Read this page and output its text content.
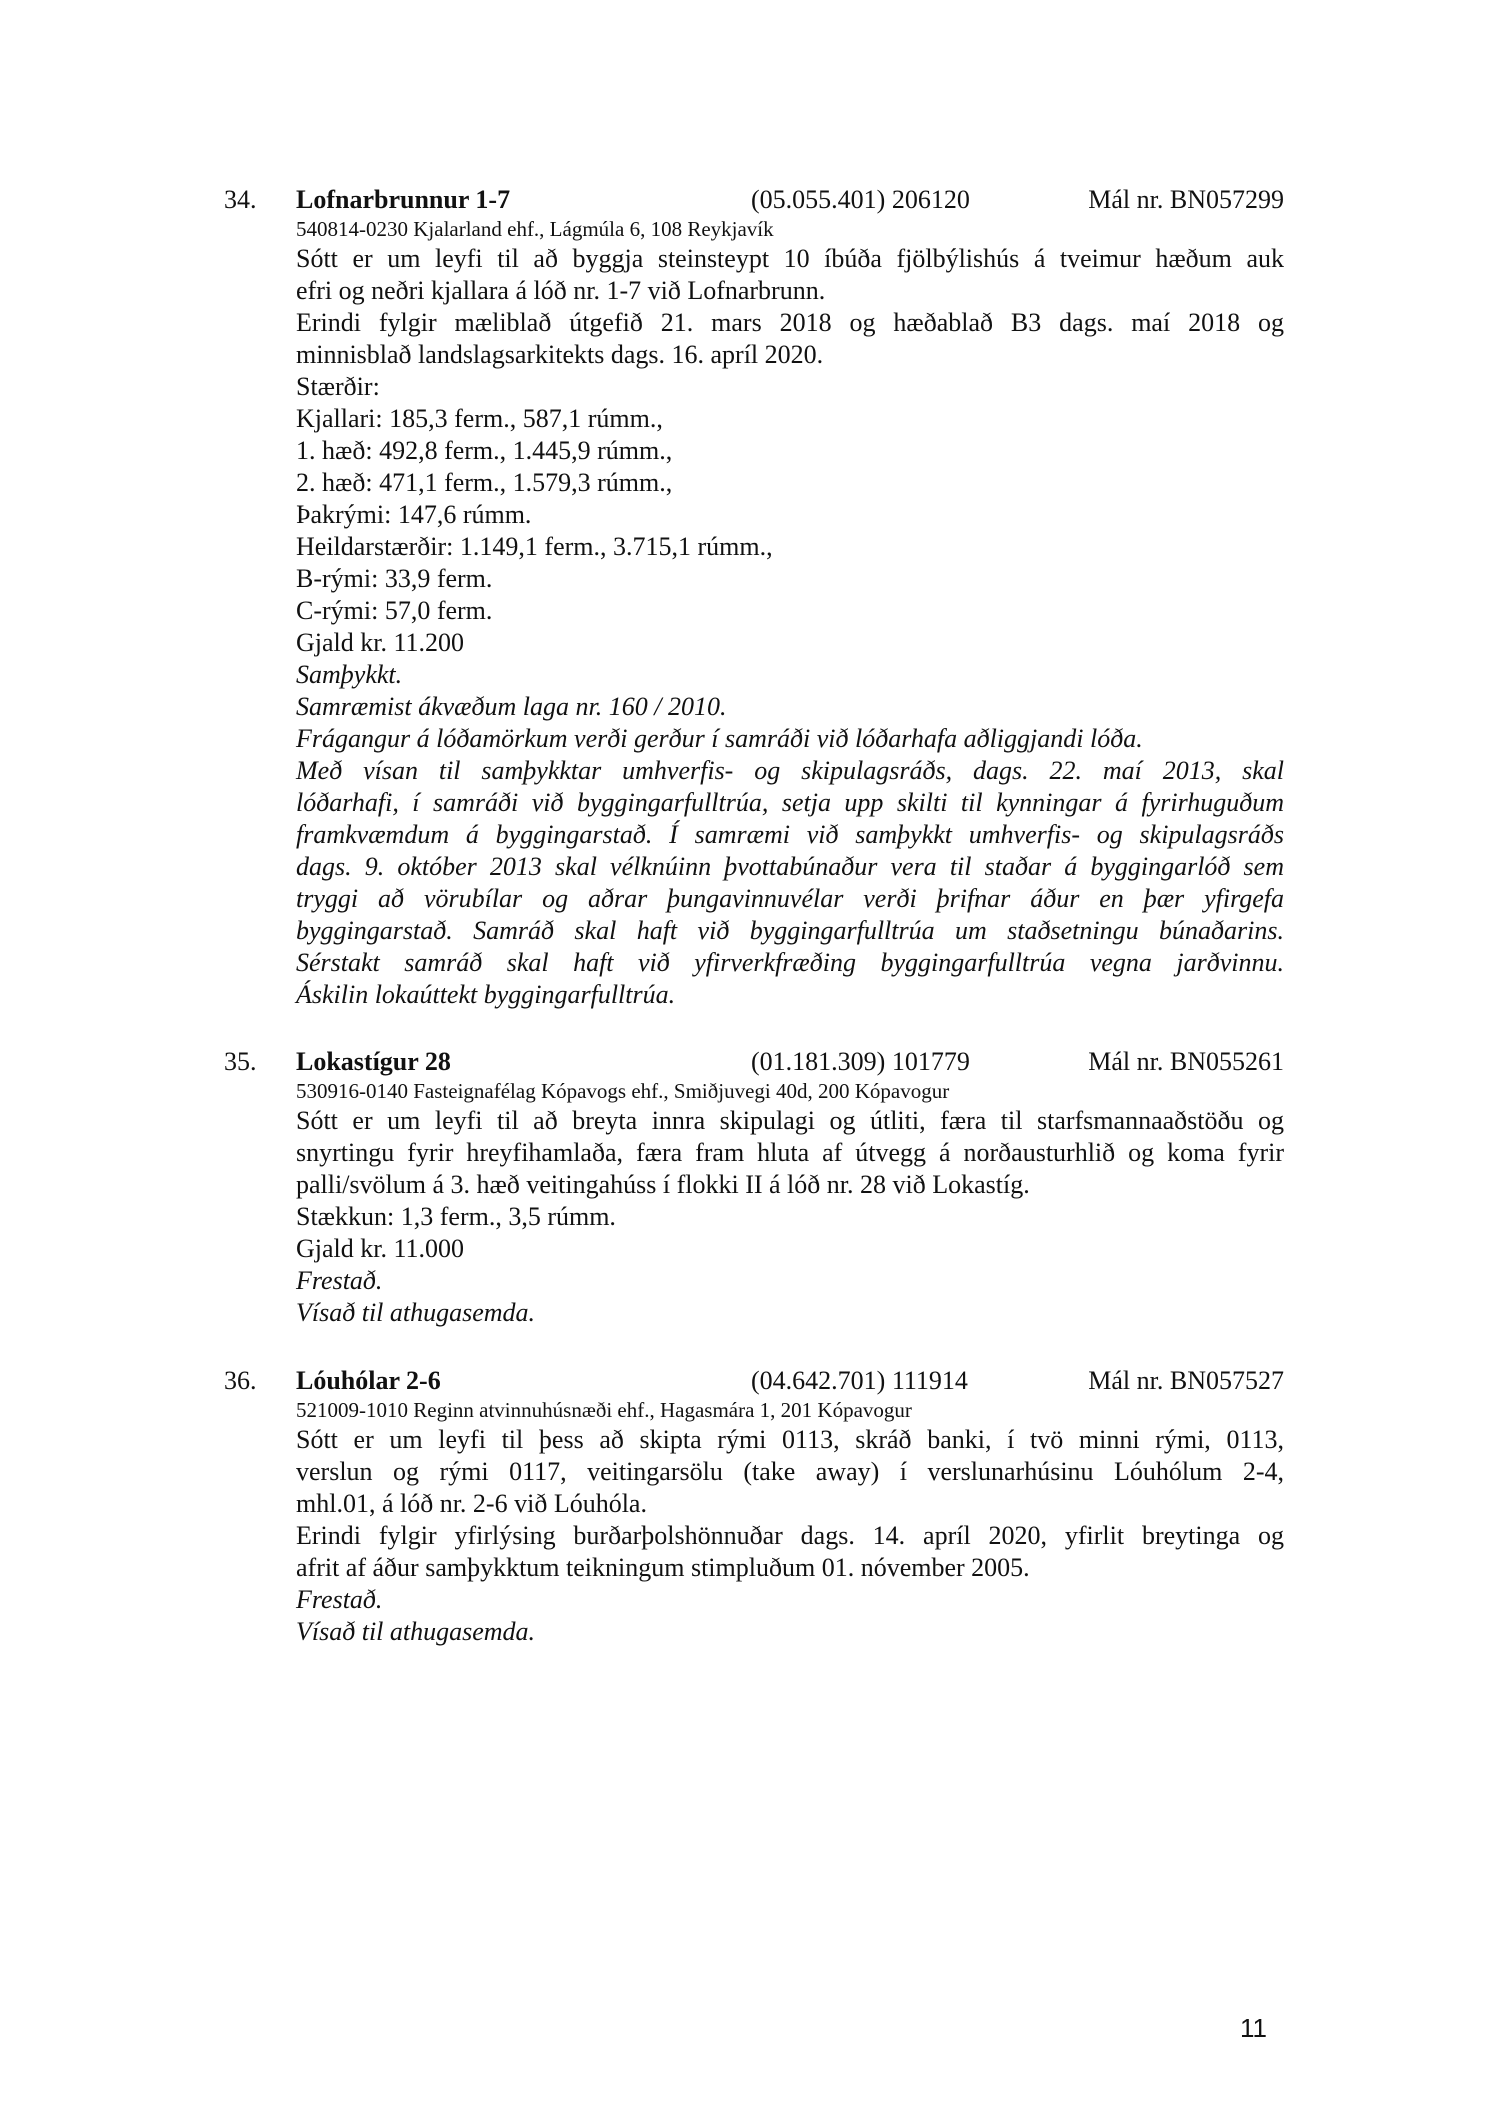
34. Lofnarbrunnur 1-7	(05.055.401) 206120	Mál nr. BN057299
540814-0230 Kjalarland ehf., Lágmúla 6, 108 Reykjavík
Sótt er um leyfi til að byggja steinsteypt 10 íbúða fjölbýlishús á tveimur hæðum auk
efri og neðri kjallara á lóð nr. 1-7 við Lofnarbrunn.
Erindi fylgir mæliblað útgefið 21. mars 2018 og hæðablað B3 dags. maí 2018 og
minnisblað landslagsarkitekts dags. 16. apríl 2020.
Stærðir:
Kjallari: 185,3 ferm., 587,1 rúmm.,
1. hæð: 492,8 ferm., 1.445,9 rúmm.,
2. hæð: 471,1 ferm., 1.579,3 rúmm.,
Þakrými: 147,6 rúmm.
Heildarstærðir: 1.149,1 ferm., 3.715,1 rúmm.,
B-rými: 33,9 ferm.
C-rými: 57,0 ferm.
Gjald kr. 11.200
Samþykkt.
Samræmist ákvæðum laga nr. 160 / 2010.
Frágangur á lóðamörkum verði gerður í samráði við lóðarhafa aðliggjandi lóða.
Með vísan til samþykktar umhverfis- og skipulagsráðs, dags. 22. maí 2013, skal
lóðarhafi, í samráði við byggingarfulltrúa, setja upp skilti til kynningar á fyrirhuguðum
framkvæmdum á byggingarstað. Í samræmi við samþykkt umhverfis- og skipulagsráðs
dags. 9. október 2013 skal vélknúinn þvottabúnaður vera til staðar á byggingarlóð sem
tryggi að vörubílar og aðrar þungavinnuvélar verði þrifnar áður en þær yfirgefa
byggingarstað. Samráð skal haft við byggingarfulltrúa um staðsetningu búnaðarins.
Sérstakt samráð skal haft við yfirverkfræðing byggingarfulltrúa vegna jarðvinnu.
Áskilin lokaúttekt byggingarfulltrúa.
35. Lokastígur 28	(01.181.309) 101779	Mál nr. BN055261
530916-0140 Fasteignafélag Kópavogs ehf., Smiðjuvegi 40d, 200 Kópavogur
Sótt er um leyfi til að breyta innra skipulagi og útliti, færa til starfsmannaaðstöðu og
snyrtingu fyrir hreyfihamlaða, færa fram hluta af útvegg á norðausturhlið og koma fyrir
palli/svölum á 3. hæð veitingahúss í flokki II á lóð nr. 28 við Lokastíg.
Stækkun: 1,3 ferm., 3,5 rúmm.
Gjald kr. 11.000
Frestað.
Vísað til athugasemda.
36. Lóuhólar 2-6	(04.642.701) 111914	Mál nr. BN057527
521009-1010 Reginn atvinnuhúsnæði ehf., Hagasmára 1, 201 Kópavogur
Sótt er um leyfi til þess að skipta rými 0113, skráð banki, í tvö minni rými, 0113,
verslun og rými 0117, veitingarsölu (take away) í verslunarhúsinu Lóuhólum 2-4,
mhl.01, á lóð nr. 2-6 við Lóuhóla.
Erindi fylgir yfirlýsing burðarþolshönnuðar dags. 14. apríl 2020, yfirlit breytinga og
afrit af áður samþykktum teikningum stimpluðum 01. nóvember 2005.
Frestað.
Vísað til athugasemda.
11
